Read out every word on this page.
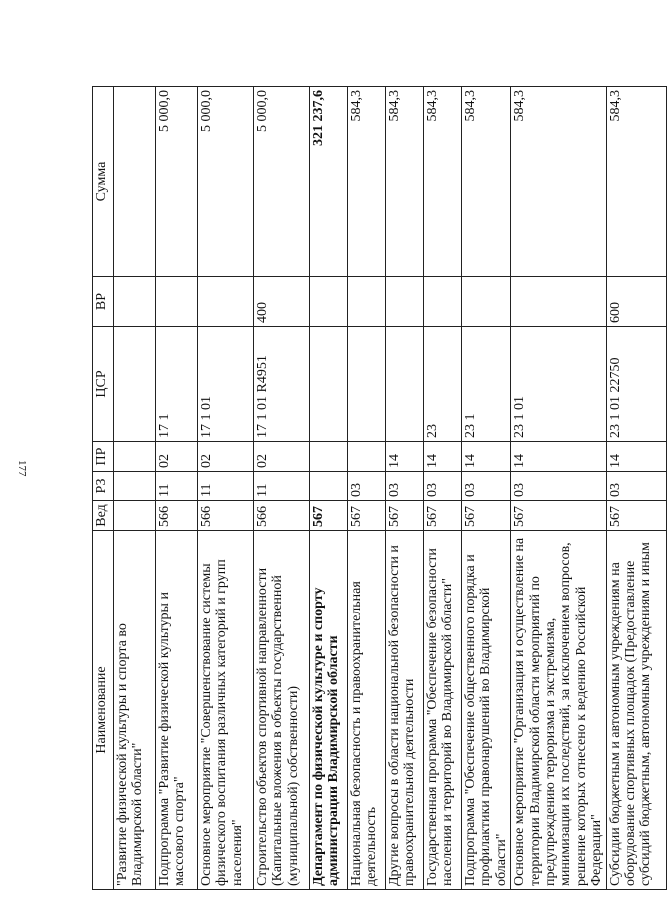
177
Наименование	Вед	РЗ	ПР	ЦСР	ВР	Сумма
"Развитие физической культуры и спорта во Владимирской области"						
Подпрограмма "Развитие физической культуры и массового спорта"	566	11	02	17 1		5 000,0
Основное мероприятие "Совершенствование системы физического воспитания различных категорий и групп населения"	566	11	02	17 1 01		5 000,0
Строительство объектов спортивной направленности (Капитальные вложения в объекты государственной (муниципальной) собственности)	566	11	02	17 1 01 R4951	400	5 000,0
Департамент по физической культуре и спорту администрации Владимирской области	567					321 237,6
Национальная безопасность и правоохранительная деятельность	567	03				584,3
Другие вопросы в области национальной безопасности и правоохранительной деятельности	567	03	14			584,3
Государственная программа "Обеспечение безопасности населения и территорий во Владимирской области"	567	03	14	23		584,3
Подпрограмма "Обеспечение общественного порядка и профилактики правонарушений во Владимирской области"	567	03	14	23 1		584,3
Основное мероприятие "Организация и осуществление на территории Владимирской области мероприятий по предупреждению терроризма и экстремизма, минимизации их последствий, за исключением вопросов, решение которых отнесено к ведению Российской Федерации"	567	03	14	23 1 01		584,3
Субсидии бюджетным и автономным учреждениям на оборудование спортивных площадок (Предоставление субсидий бюджетным, автономным учреждениям и иным	567	03	14	23 1 01 22750	600	584,3
